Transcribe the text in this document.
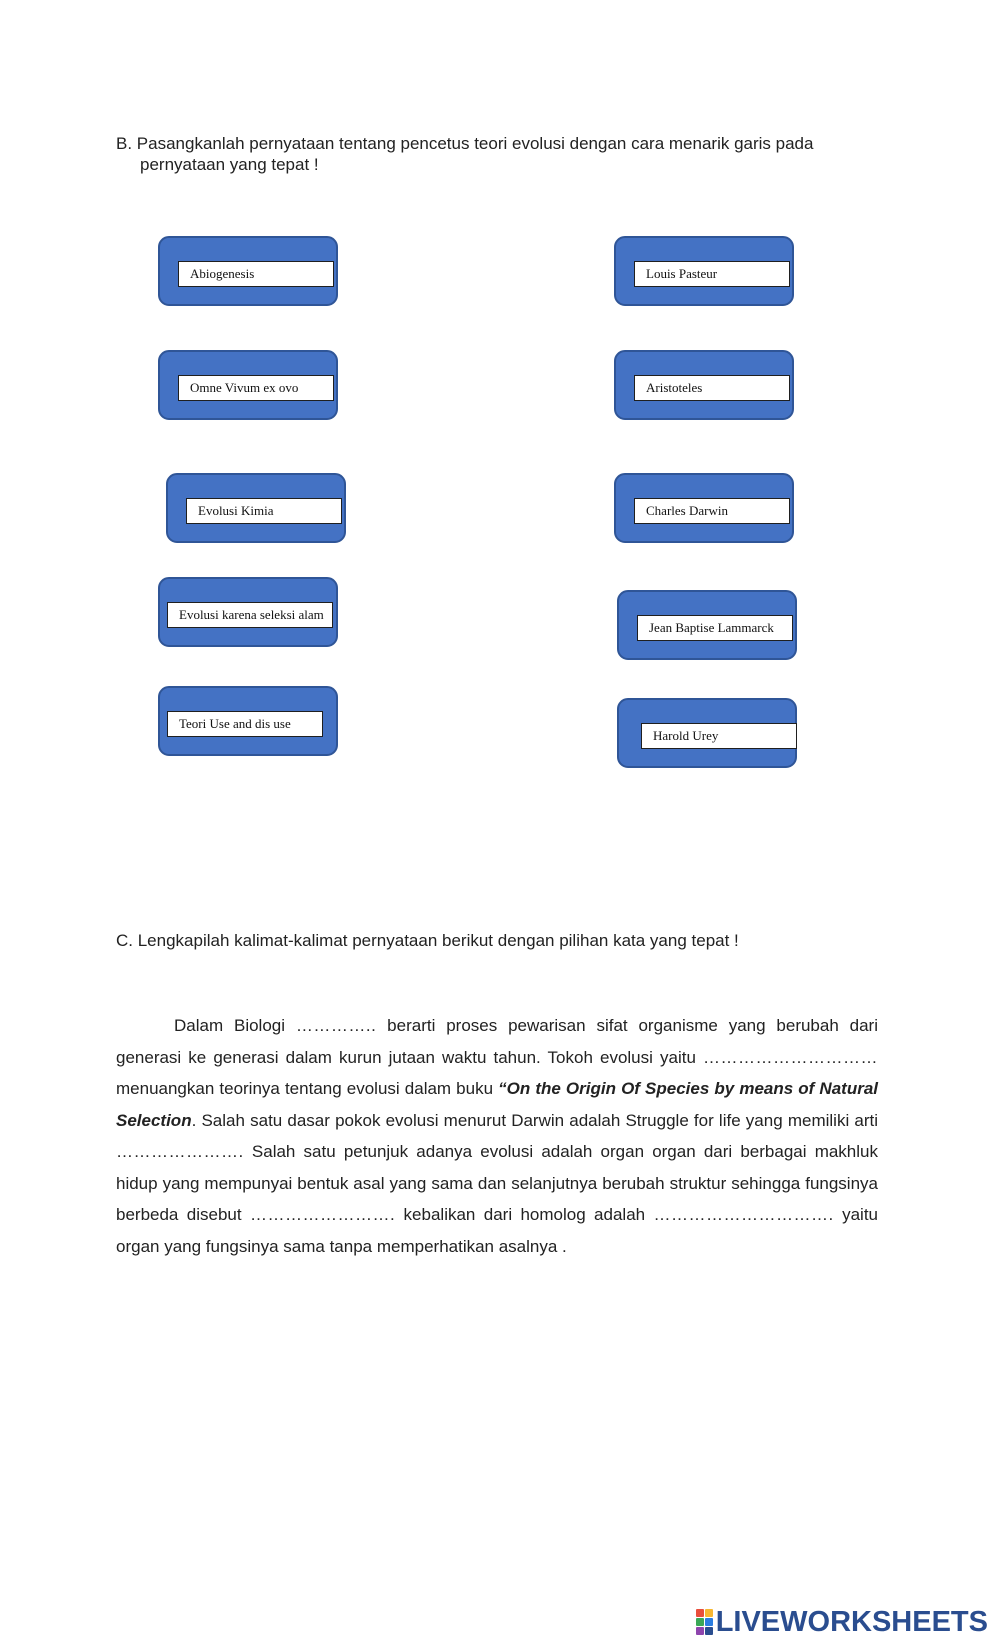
B. Pasangkanlah pernyataan tentang pencetus teori evolusi dengan cara menarik garis pada
pernyataan yang tepat !
Abiogenesis
Omne Vivum ex ovo
Evolusi Kimia
Evolusi karena seleksi alam
Teori Use and dis use
Louis Pasteur
Aristoteles
Charles Darwin
Jean Baptise Lammarck
Harold Urey
C. Lengkapilah kalimat-kalimat pernyataan berikut dengan pilihan kata yang tepat !
Dalam Biologi ………….. berarti proses pewarisan sifat organisme yang berubah dari generasi ke generasi dalam kurun jutaan waktu tahun. Tokoh evolusi yaitu ………………………… menuangkan teorinya tentang evolusi dalam buku “On the Origin Of Species by means of Natural Selection. Salah satu dasar pokok evolusi menurut Darwin adalah Struggle for life yang memiliki arti …………………. Salah satu petunjuk adanya evolusi adalah organ organ dari berbagai makhluk hidup yang mempunyai bentuk asal yang sama dan selanjutnya berubah struktur sehingga fungsinya berbeda disebut ……………………. kebalikan dari homolog adalah …………………………. yaitu organ yang fungsinya sama tanpa memperhatikan asalnya .
LIVEWORKSHEETS
